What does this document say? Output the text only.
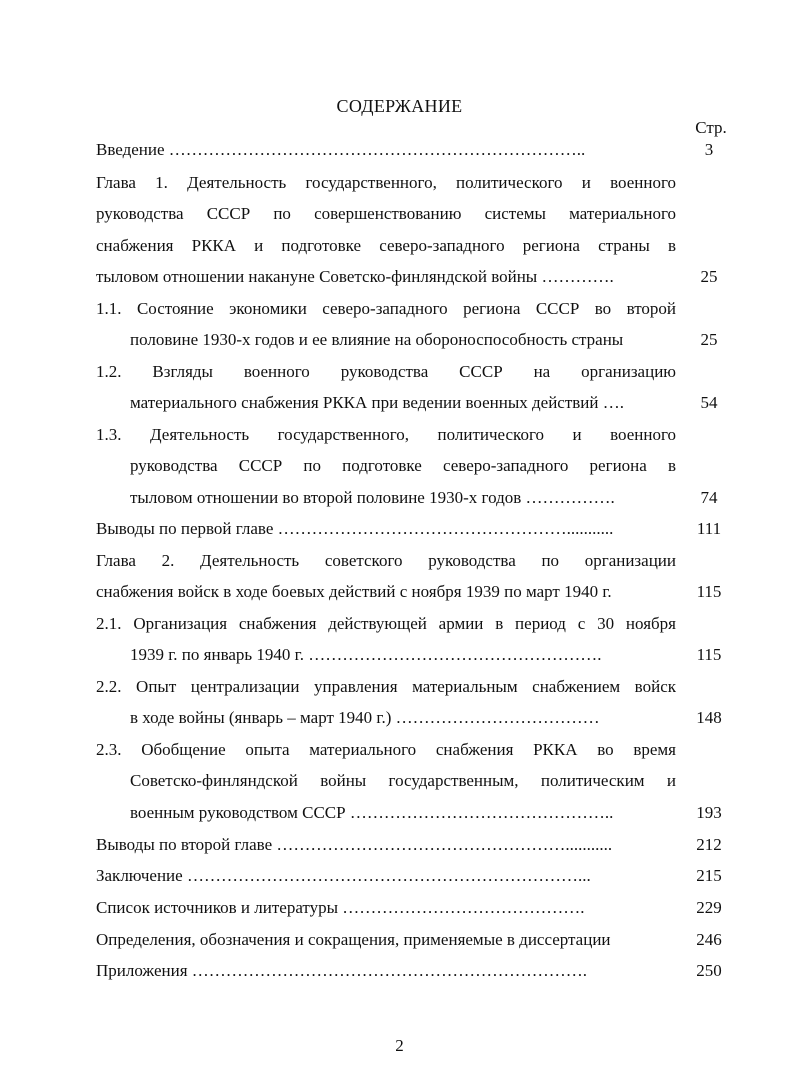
СОДЕРЖАНИЕ
Стр.
Введение ………………………………………………………………..	3
Глава 1. Деятельность государственного, политического и военного
руководства СССР по совершенствованию системы материального
снабжения РККА и подготовке северо-западного региона страны в
тыловом отношении накануне Советско-финляндской войны ………….	25
1.1. Состояние экономики северо-западного региона СССР во второй
половине 1930-х годов и ее влияние на обороноспособность страны	25
1.2. Взгляды военного руководства СССР на организацию
материального снабжения РККА при ведении военных действий ….	54
1.3. Деятельность государственного, политического и военного
руководства СССР по подготовке северо-западного региона в
тыловом отношении во второй половине 1930-х годов …………….	74
Выводы по первой главе ……………………………………………...........	111
Глава 2. Деятельность советского руководства по организации
снабжения войск в ходе боевых действий с ноября 1939 по март 1940 г.	115
2.1. Организация снабжения действующей армии в период с 30 ноября
1939 г. по январь 1940 г. …………………………………………….	115
2.2. Опыт централизации управления материальным снабжением войск
в ходе войны (январь – март 1940 г.) ………………………………	148
2.3. Обобщение опыта материального снабжения РККА во время
Советско-финляндской войны государственным, политическим и
военным руководством СССР ………………………………………..	193
Выводы по второй главе ……………………………………………...........	212
Заключение ……………………………………………………………...	215
Список источников и литературы …………………………………….	229
Определения, обозначения и сокращения, применяемые в диссертации	246
Приложения …………………………………………………………….	250
2
